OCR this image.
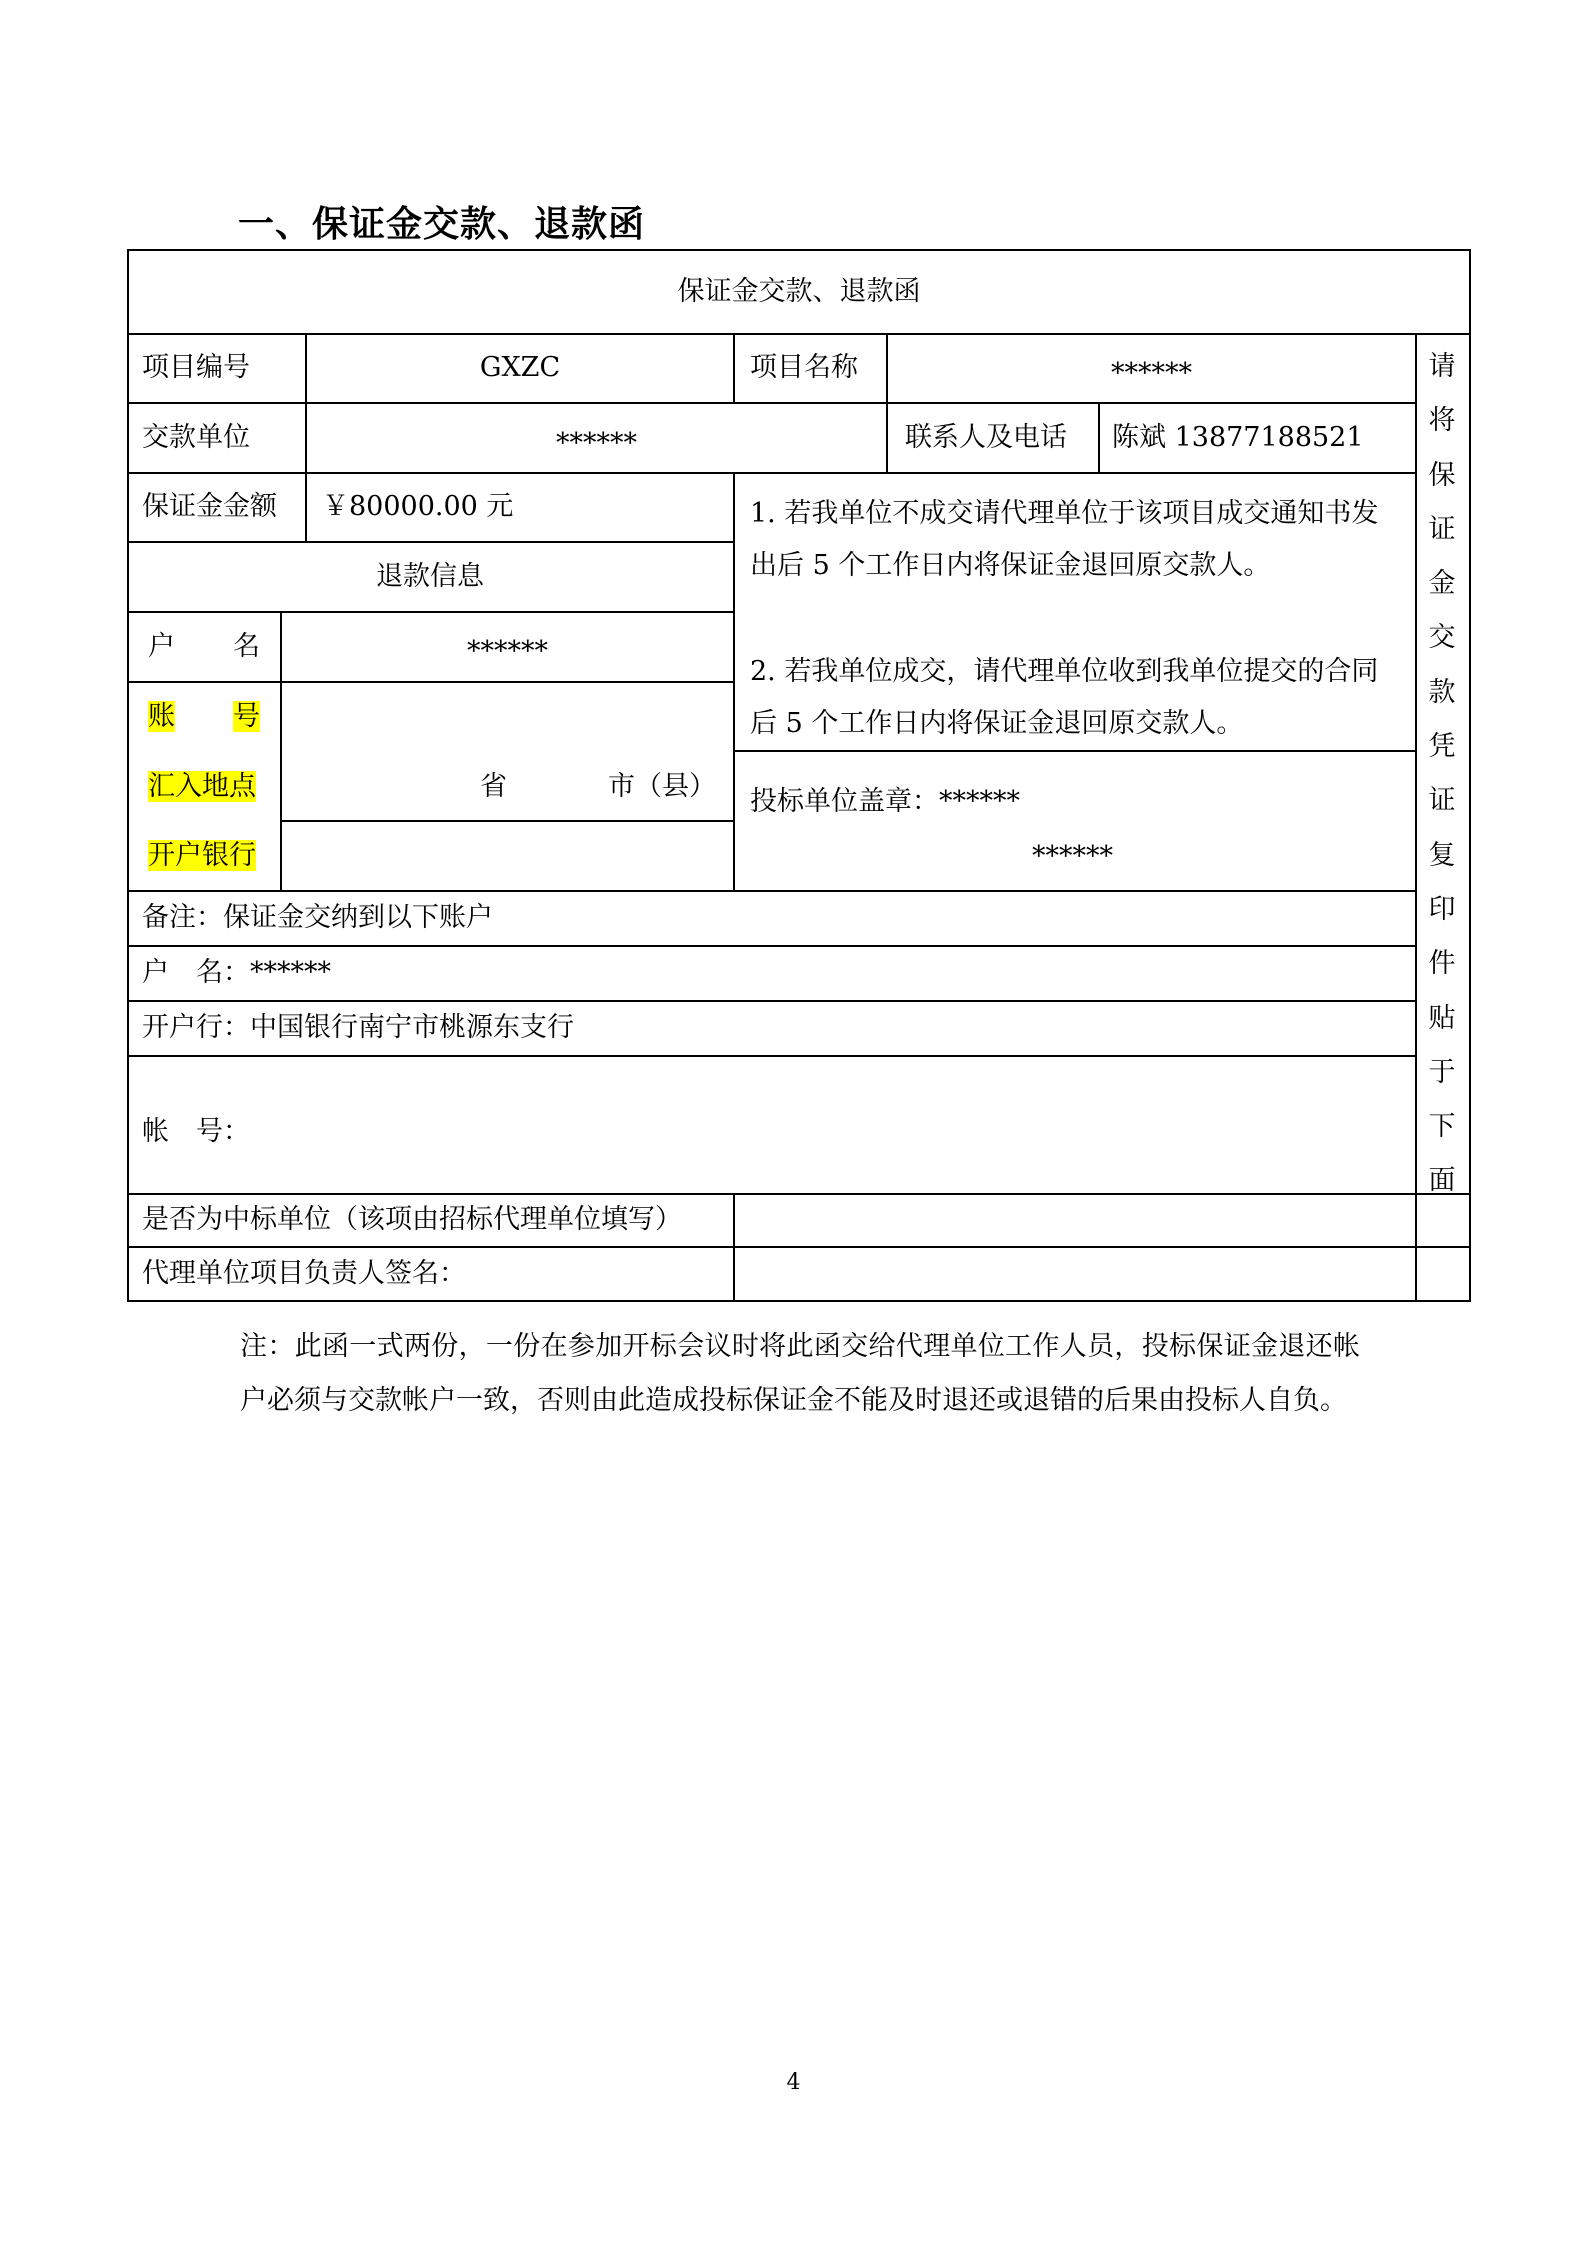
一、保证金交款、退款函
保证金交款、退款函
项目编号	GXZC	项目名称	******
交款单位	******	联系人及电话 陈斌 13877188521
保证金金额 ￥80000.00 元
退款信息
户 名	******
账 号
汇入地点	省	市（县）
开户银行
1. 若我单位不成交请代理单位于该项目成交通知书发出后 5 个工作日内将保证金退回原交款人。
2. 若我单位成交，请代理单位收到我单位提交的合同后 5 个工作日内将保证金退回原交款人。
投标单位盖章：******
******
备注：保证金交纳到以下账户
户　名：******
开户行：中国银行南宁市桃源东支行
帐　号：
是否为中标单位（该项由招标代理单位填写）
代理单位项目负责人签名：
请
将
保
证
金
交
款
凭
证
复
印
件
贴
于
下
面
注：此函一式两份，一份在参加开标会议时将此函交给代理单位工作人员，投标保证金退还帐户必须与交款帐户一致，否则由此造成投标保证金不能及时退还或退错的后果由投标人自负。
4
